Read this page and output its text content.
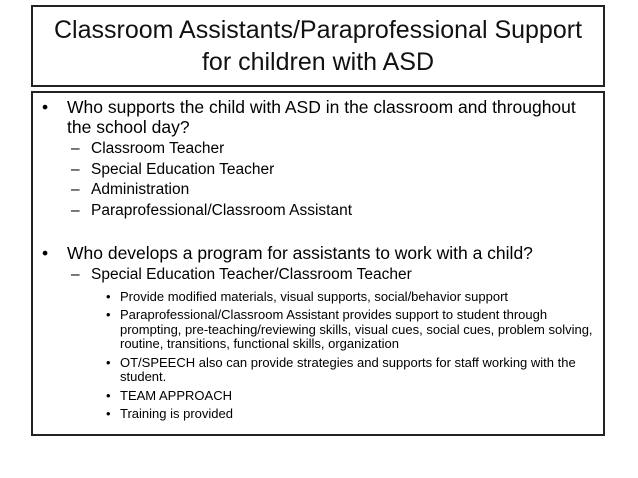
Classroom Assistants/Paraprofessional Support
for children with ASD
• Who supports the child with ASD in the classroom and throughout the school day?
– Classroom Teacher
– Special Education Teacher
– Administration
– Paraprofessional/Classroom Assistant
• Who develops a program for assistants to work with a child?
– Special Education Teacher/Classroom Teacher
• Provide modified materials, visual supports, social/behavior support
• Paraprofessional/Classroom Assistant provides support to student through prompting, pre-teaching/reviewing skills, visual cues, social cues, problem solving, routine, transitions, functional skills, organization
• OT/SPEECH also can provide strategies and supports for staff working with the student.
• TEAM APPROACH
• Training is provided
